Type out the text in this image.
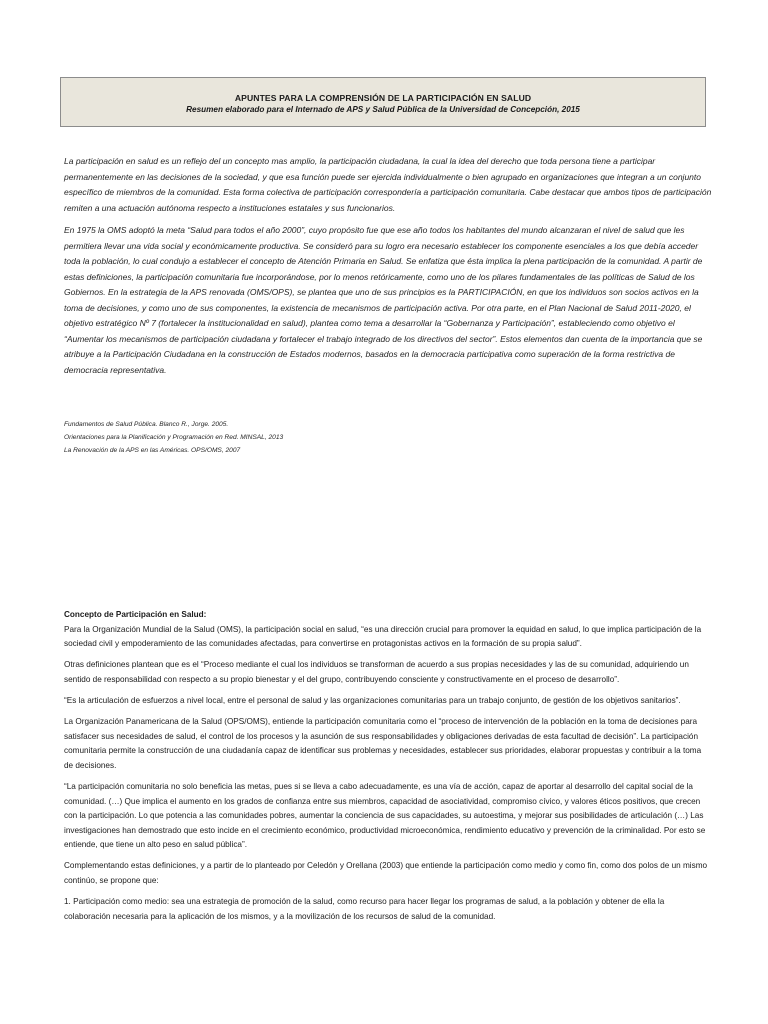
APUNTES PARA LA COMPRENSIÓN DE LA PARTICIPACIÓN EN SALUD
Resumen elaborado para el Internado de APS y Salud Pública de la Universidad de Concepción, 2015

La participación en salud es un reflejo del un concepto mas amplio, la participación ciudadana, la cual la idea del derecho que toda persona tiene a participar permanentemente en las decisiones de la sociedad, y que esa función puede ser ejercida individualmente o bien agrupado en organizaciones que integran a un conjunto específico de miembros de la comunidad. Esta forma colectiva de participación correspondería a participación comunitaria. Cabe destacar que ambos tipos de participación remiten a una actuación autónoma respecto a instituciones estatales y sus funcionarios.

En 1975 la OMS adoptó la meta “Salud para todos el año 2000”, cuyo propósito fue que ese año todos los habitantes del mundo alcanzaran el nivel de salud que les permitiera llevar una vida social y económicamente productiva. Se consideró para su logro era necesario establecer los componente esenciales a los que debía acceder toda la población, lo cual condujo a establecer el concepto de Atención Primaria en Salud. Se enfatiza que ésta implica la plena participación de la comunidad. A partir de estas definiciones, la participación comunitaria fue incorporándose, por lo menos retóricamente, como uno de los pilares fundamentales de las políticas de Salud de los Gobiernos. En la estrategia de la APS renovada (OMS/OPS), se plantea que uno de sus principios es la PARTICIPACIÓN, en que los individuos son socios activos en la toma de decisiones, y como uno de sus componentes, la existencia de mecanismos de participación activa. Por otra parte, en el Plan Nacional de Salud 2011-2020, el objetivo estratégico Nº 7 (fortalecer la institucionalidad en salud), plantea como tema a desarrollar la “Gobernanza y Participación”, estableciendo como objetivo el “Aumentar los mecanismos de participación ciudadana y fortalecer el trabajo integrado de los directivos del sector”. Estos elementos dan cuenta de la importancia que se atribuye a la Participación Ciudadana en la construcción de Estados modernos, basados en la democracia participativa como superación de la forma restrictiva de democracia representativa.

Fundamentos de Salud Pública. Blanco R., Jorge. 2005.
Orientaciones para la Planificación y Programación en Red. MINSAL, 2013
La Renovación de la APS en las Américas. OPS/OMS, 2007

Concepto de Participación en Salud:

Para la Organización Mundial de la Salud (OMS), la participación social en salud, “es una dirección crucial para promover la equidad en salud, lo que implica participación de la sociedad civil y empoderamiento de las comunidades afectadas, para convertirse en protagonistas activos en la formación de su propia salud”.

Otras definiciones plantean que es el “Proceso mediante el cual los individuos se transforman de acuerdo a sus propias necesidades y las de su comunidad, adquiriendo un sentido de responsabilidad con respecto a su propio bienestar y el del grupo, contribuyendo consciente y constructivamente en el proceso de desarrollo”.

“Es la articulación de esfuerzos a nivel local, entre el personal de salud y las organizaciones comunitarias para un trabajo conjunto, de gestión de los objetivos sanitarios”.

La Organización Panamericana de la Salud (OPS/OMS), entiende la participación comunitaria como el “proceso de intervención de la población en la toma de decisiones para satisfacer sus necesidades de salud, el control de los procesos y la asunción de sus responsabilidades y obligaciones derivadas de esta facultad de decisión”. La participación comunitaria permite la construcción de una ciudadanía capaz de identificar sus problemas y necesidades, establecer sus prioridades, elaborar propuestas y contribuir a la toma de decisiones.

“La participación comunitaria no solo beneficia las metas, pues si se lleva a cabo adecuadamente, es una vía de acción, capaz de aportar al desarrollo del capital social de la comunidad. (…) Que implica el aumento en los grados de confianza entre sus miembros, capacidad de asociatividad, compromiso cívico, y valores éticos positivos, que crecen con la participación. Lo que potencia a las comunidades pobres, aumentar la conciencia de sus capacidades, su autoestima, y mejorar sus posibilidades de articulación (…) Las investigaciones han demostrado que esto incide en el crecimiento económico, productividad microeconómica, rendimiento educativo y prevención de la criminalidad. Por esto se entiende, que tiene un alto peso en salud pública”.

Complementando estas definiciones, y a partir de lo planteado por Celedón y Orellana (2003) que entiende la participación como medio y como fin, como dos polos de un mismo continúo, se propone que:

1. Participación como medio: sea una estrategia de promoción de la salud, como recurso para hacer llegar los programas de salud, a la población y obtener de ella la colaboración necesaria para la aplicación de los mismos, y a la movilización de los recursos de salud de la comunidad.
